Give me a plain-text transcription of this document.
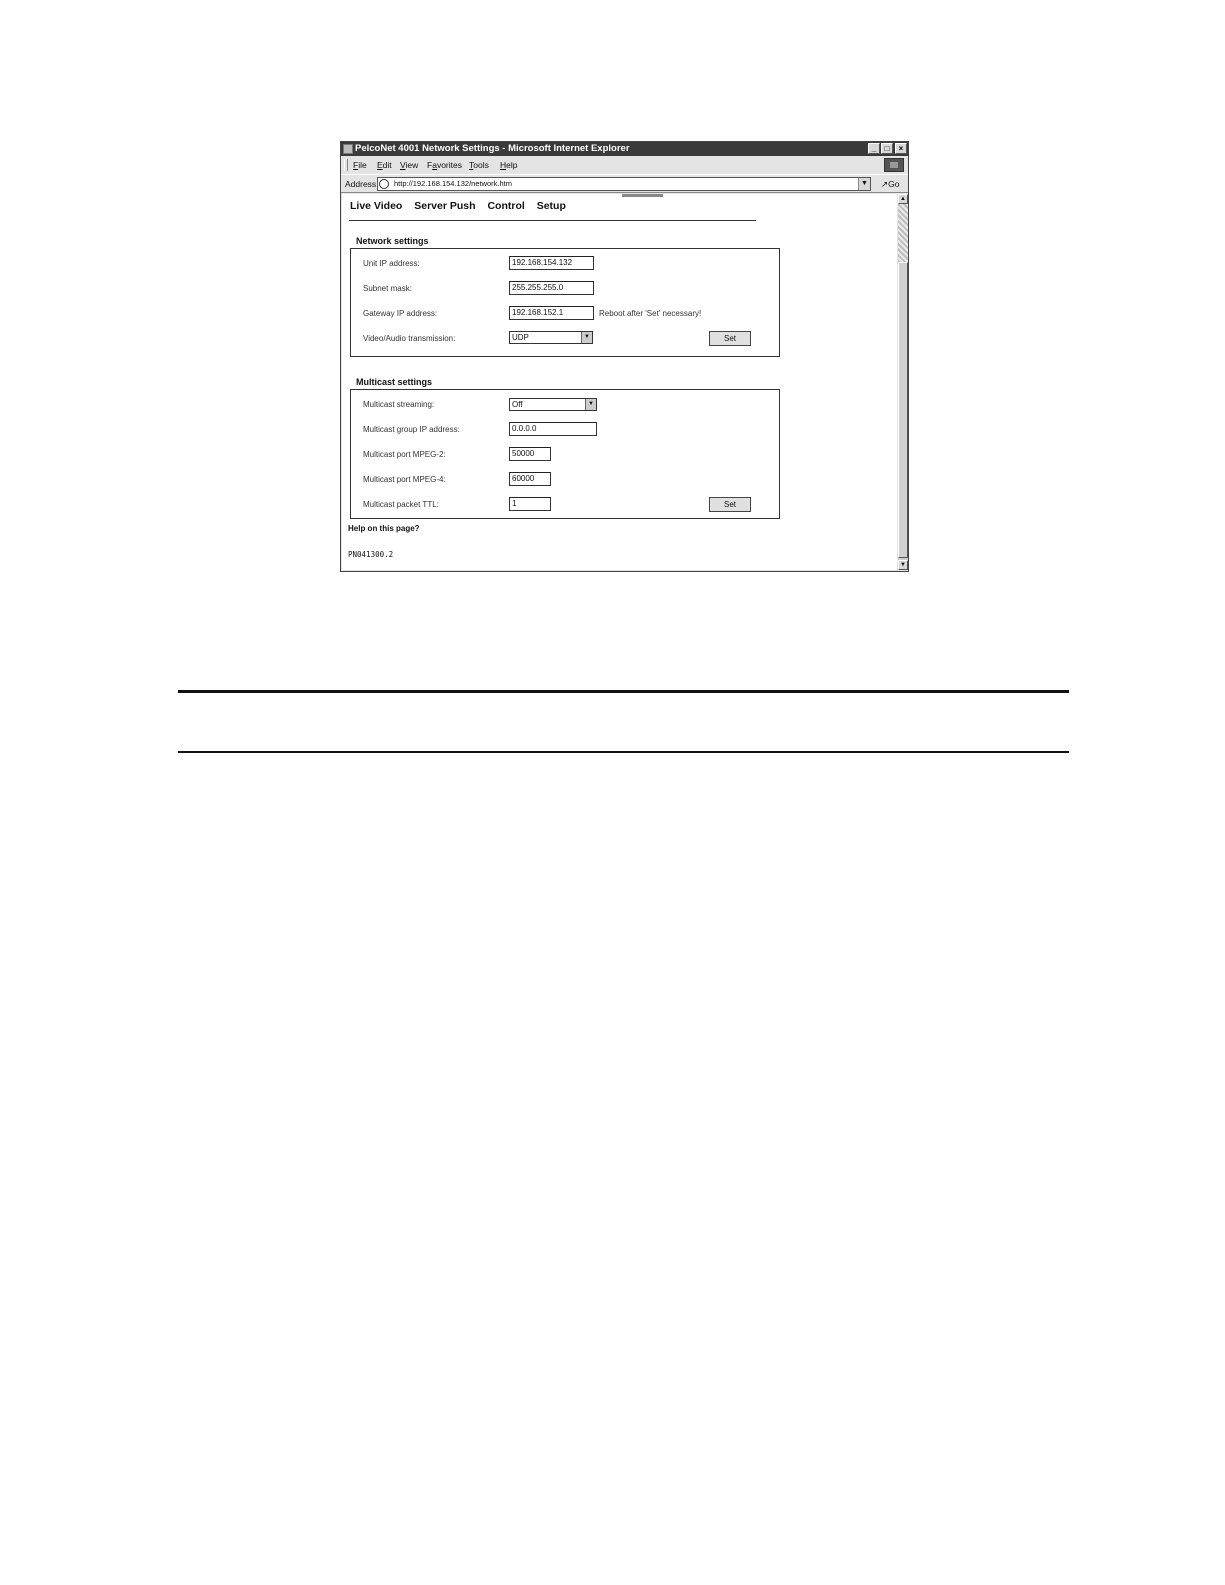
PelcoNet 4001 Network Settings - Microsoft Internet Explorer	_	□	×
File Edit View Favorites Tools Help
Address http://192.168.154.132/network.htm	▼ ↗Go
Live Video Server Push Control Setup
Network settings
Unit IP address:	192.168.154.132
Subnet mask:	255.255.255.0
Gateway IP address:	192.168.152.1	Reboot after 'Set' necessary!
Video/Audio transmission:	UDP	▼	Set
Multicast settings
Multicast streaming:	Off	▼
Multicast group IP address:	0.0.0.0
Multicast port MPEG-2:	50000
Multicast port MPEG-4:	60000
Multicast packet TTL:	1	Set
Help on this page?
PN041300.2
▲
▼
